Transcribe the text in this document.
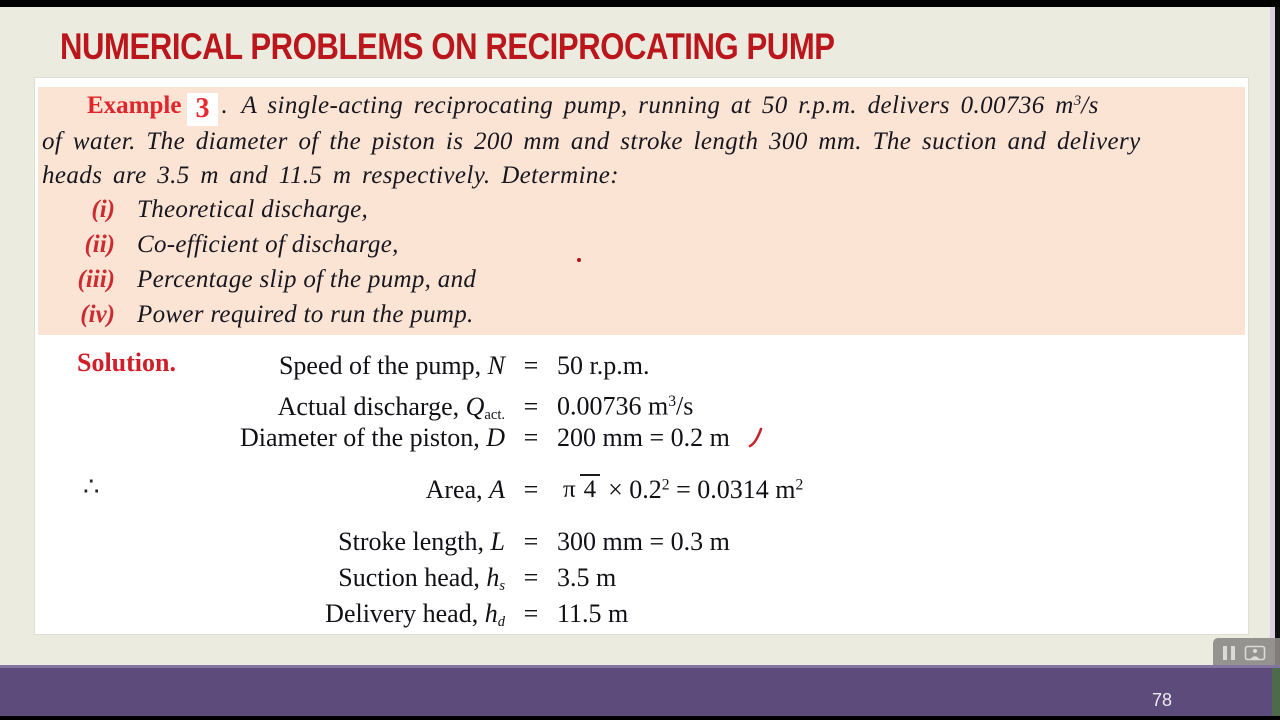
NUMERICAL PROBLEMS ON RECIPROCATING PUMP
Example 3 . A single-acting reciprocating pump, running at 50 r.p.m. delivers 0.00736 $m^3/s$
of water. The diameter of the piston is 200 mm and stroke length 300 mm. The suction and delivery
heads are 3.5 m and 11.5 m respectively. Determine:
(i) Theoretical discharge,
(ii) Co-efficient of discharge,
(iii) Percentage slip of the pump, and
(iv) Power required to run the pump.
Solution.
∴
Speed of the pump, N = 50 r.p.m.
Actual discharge, Qact. = 0.00736 $m^3/s$
Diameter of the piston, D = 200 mm = 0.2 m
Area, A = π $4 \times 0.2^2 = 0.0314$ $m^2$
Stroke length, L = 300 mm = 0.3 m
Suction head, hs = 3.5 m
Delivery head, hd = 11.5 m
78
